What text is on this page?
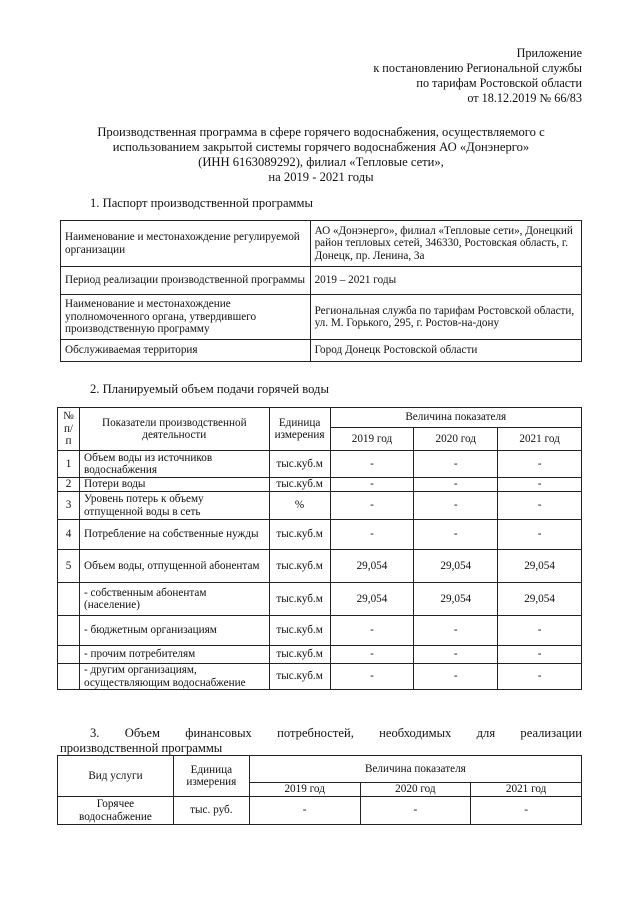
Приложение
к постановлению Региональной службы
по тарифам Ростовской области
от 18.12.2019 № 66/83
Производственная программа в сфере горячего водоснабжения, осуществляемого с
использованием закрытой системы горячего водоснабжения АО «Донэнерго»
(ИНН 6163089292), филиал «Тепловые сети»,
на 2019 - 2021 годы
1. Паспорт производственной программы
Наименование и местонахождение регулируемой организации	АО «Донэнерго», филиал «Тепловые сети», Донецкий район тепловых сетей, 346330, Ростовская область, г. Донецк, пр. Ленина, 3а
Период реализации производственной программы	2019 – 2021 годы
Наименование и местонахождение уполномоченного органа, утвердившего производственную программу	Региональная служба по тарифам Ростовской области, ул. М. Горького, 295, г. Ростов-на-дону
Обслуживаемая территория	Город Донецк Ростовской области
2. Планируемый объем подачи горячей воды
№ п/п	Показатели производственной деятельности	Единица измерения	Величина показателя		
			2019 год	2020 год	2021 год
1	Объем воды из источников водоснабжения	тыс.куб.м	-	-	-
2	Потери воды	тыс.куб.м	-	-	-
3	Уровень потерь к объему отпущенной воды в сеть	%	-	-	-
4	Потребление на собственные нужды	тыс.куб.м	-	-	-
5	Объем воды, отпущенной абонентам	тыс.куб.м	29,054	29,054	29,054
	- собственным абонентам (население)	тыс.куб.м	29,054	29,054	29,054
	- бюджетным организациям	тыс.куб.м	-	-	-
	- прочим потребителям	тыс.куб.м	-	-	-
	- другим организациям, осуществляющим водоснабжение	тыс.куб.м	-	-	-
3. Объем финансовых потребностей, необходимых для реализации
производственной программы
Вид услуги	Единица измерения	Величина показателя		
		2019 год	2020 год	2021 год
Горячее водоснабжение	тыс. руб.	-	-	-
